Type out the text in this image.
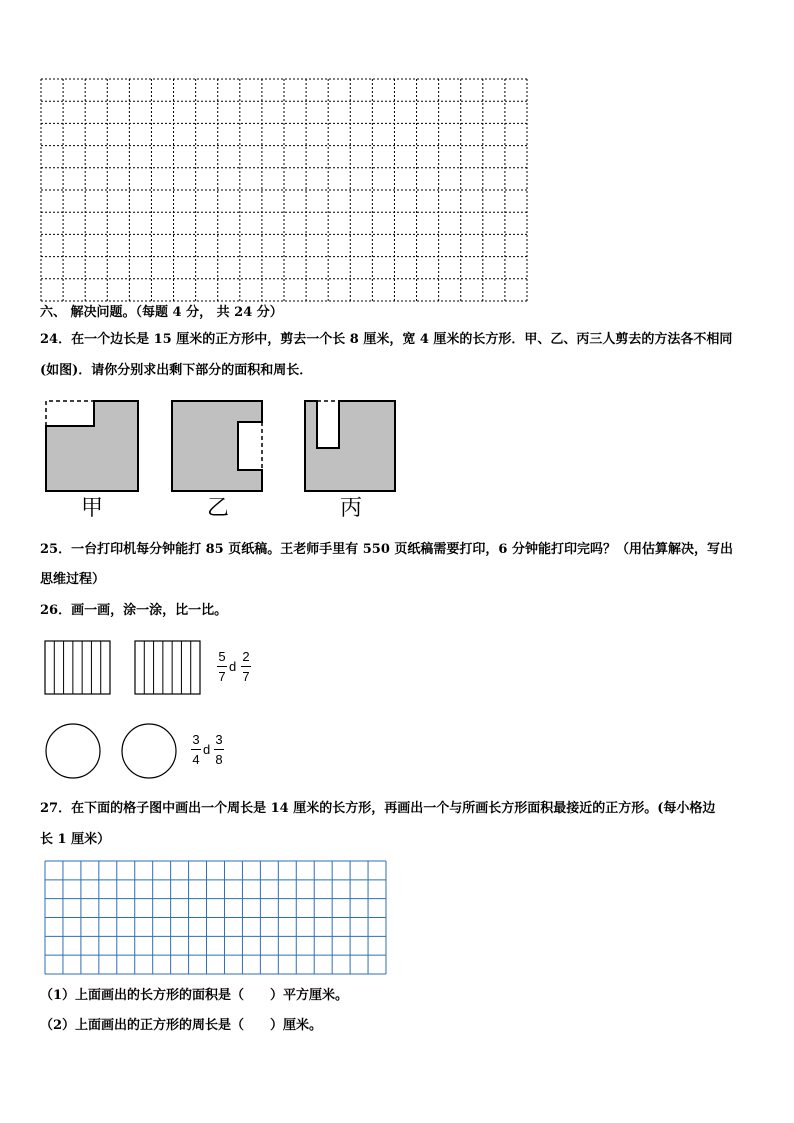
六、 解决问题。（每题 4 分， 共 24 分）
24．在一个边长是 15 厘米的正方形中，剪去一个长 8 厘米，宽 4 厘米的长方形．甲、乙、丙三人剪去的方法各不相同
(如图)．请你分别求出剩下部分的面积和周长．
甲	乙	丙
25．一台打印机每分钟能打 85 页纸稿。王老师手里有 550 页纸稿需要打印，6 分钟能打印完吗？（用估算解决，写出
思维过程）
26．画一画，涂一涂，比一比。
5
7
d
2
7
3
4
d
3
8
27．在下面的格子图中画出一个周长是 14 厘米的长方形，再画出一个与所画长方形面积最接近的正方形。(每小格边
长 1 厘米）
（1）上面画出的长方形的面积是（　　）平方厘米。
（2）上面画出的正方形的周长是（　　）厘米。
